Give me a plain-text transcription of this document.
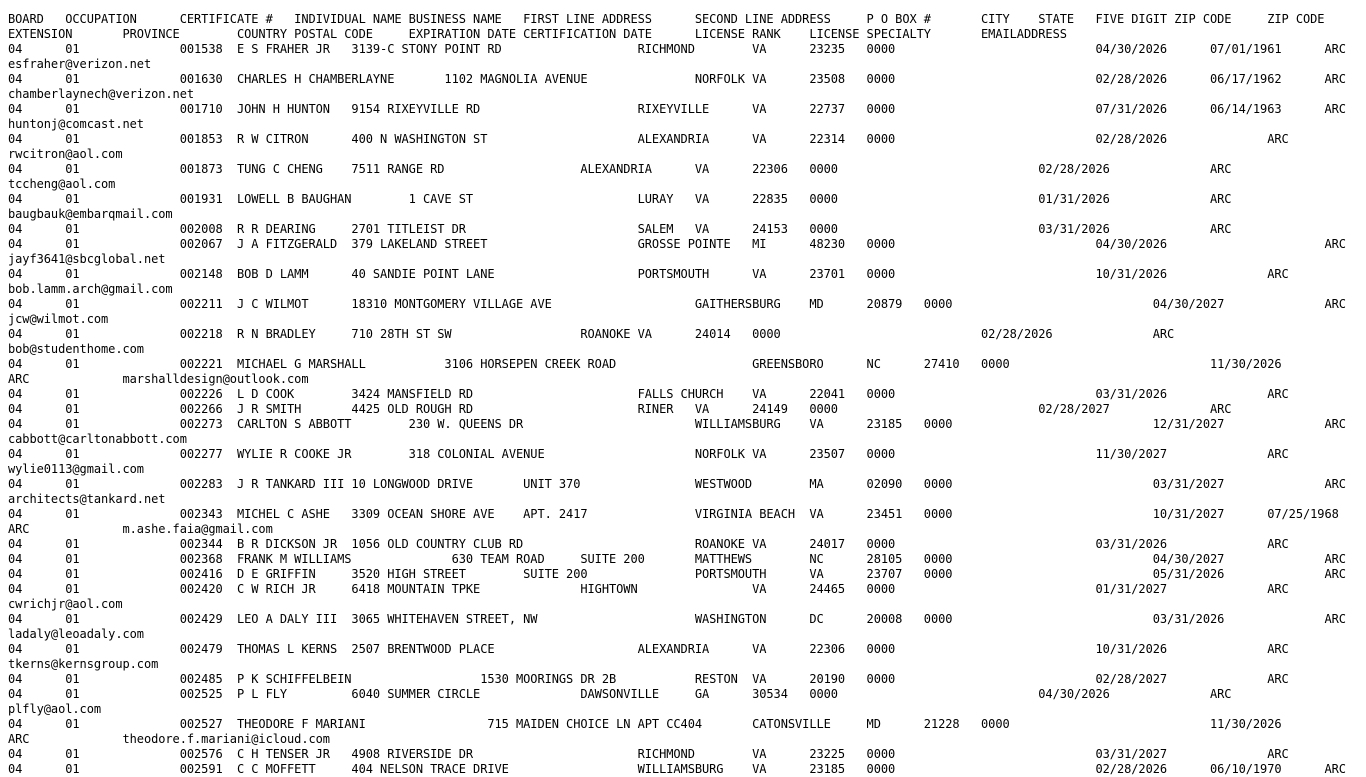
BOARD   OCCUPATION      CERTIFICATE #   INDIVIDUAL NAME BUSINESS NAME   FIRST LINE ADDRESS      SECOND LINE ADDRESS     P O BOX #       CITY    STATE   FIVE DIGIT ZIP CODE     ZIP CODE
EXTENSION       PROVINCE        COUNTRY POSTAL CODE     EXPIRATION DATE CERTIFICATION DATE      LICENSE RANK    LICENSE SPECIALTY       EMAILADDRESS
04      01              001538  E S FRAHER JR   3139-C STONY POINT RD                   RICHMOND        VA      23235   0000                            04/30/2026      07/01/1961      ARC
esfraher@verizon.net
04      01              001630  CHARLES H CHAMBERLAYNE       1102 MAGNOLIA AVENUE               NORFOLK VA      23508   0000                            02/28/2026      06/17/1962      ARC
chamberlaynech@verizon.net
04      01              001710  JOHN H HUNTON   9154 RIXEYVILLE RD                      RIXEYVILLE      VA      22737   0000                            07/31/2026      06/14/1963      ARC
huntonj@comcast.net
04      01              001853  R W CITRON      400 N WASHINGTON ST                     ALEXANDRIA      VA      22314   0000                            02/28/2026              ARC
rwcitron@aol.com
04      01              001873  TUNG C CHENG    7511 RANGE RD                   ALEXANDRIA      VA      22306   0000                            02/28/2026              ARC
tccheng@aol.com
04      01              001931  LOWELL B BAUGHAN        1 CAVE ST                       LURAY   VA      22835   0000                            01/31/2026              ARC
baugbauk@embarqmail.com
04      01              002008  R R DEARING     2701 TITLEIST DR                        SALEM   VA      24153   0000                            03/31/2026              ARC
04      01              002067  J A FITZGERALD  379 LAKELAND STREET                     GROSSE POINTE   MI      48230   0000                            04/30/2026                      ARC
jayf3641@sbcglobal.net
04      01              002148  BOB D LAMM      40 SANDIE POINT LANE                    PORTSMOUTH      VA      23701   0000                            10/31/2026              ARC
bob.lamm.arch@gmail.com
04      01              002211  J C WILMOT      18310 MONTGOMERY VILLAGE AVE                    GAITHERSBURG    MD      20879   0000                            04/30/2027              ARC
jcw@wilmot.com
04      01              002218  R N BRADLEY     710 28TH ST SW                  ROANOKE VA      24014   0000                            02/28/2026              ARC
bob@studenthome.com
04      01              002221  MICHAEL G MARSHALL           3106 HORSEPEN CREEK ROAD                   GREENSBORO      NC      27410   0000                            11/30/2026
ARC             marshalldesign@outlook.com
04      01              002226  L D COOK        3424 MANSFIELD RD                       FALLS CHURCH    VA      22041   0000                            03/31/2026              ARC
04      01              002266  J R SMITH       4425 OLD ROUGH RD                       RINER   VA      24149   0000                            02/28/2027              ARC
04      01              002273  CARLTON S ABBOTT        230 W. QUEENS DR                        WILLIAMSBURG    VA      23185   0000                            12/31/2027              ARC
cabbott@carltonabbott.com
04      01              002277  WYLIE R COOKE JR        318 COLONIAL AVENUE                     NORFOLK VA      23507   0000                            11/30/2027              ARC
wylie0113@gmail.com
04      01              002283  J R TANKARD III 10 LONGWOOD DRIVE       UNIT 370                WESTWOOD        MA      02090   0000                            03/31/2027              ARC
architects@tankard.net
04      01              002343  MICHEL C ASHE   3309 OCEAN SHORE AVE    APT. 2417               VIRGINIA BEACH  VA      23451   0000                            10/31/2027      07/25/1968
ARC             m.ashe.faia@gmail.com
04      01              002344  B R DICKSON JR  1056 OLD COUNTRY CLUB RD                        ROANOKE VA      24017   0000                            03/31/2026              ARC
04      01              002368  FRANK M WILLIAMS              630 TEAM ROAD     SUITE 200       MATTHEWS        NC      28105   0000                            04/30/2027              ARC
04      01              002416  D E GRIFFIN     3520 HIGH STREET        SUITE 200               PORTSMOUTH      VA      23707   0000                            05/31/2026              ARC
04      01              002420  C W RICH JR     6418 MOUNTAIN TPKE              HIGHTOWN                VA      24465   0000                            01/31/2027              ARC
cwrichjr@aol.com
04      01              002429  LEO A DALY III  3065 WHITEHAVEN STREET, NW                      WASHINGTON      DC      20008   0000                            03/31/2026              ARC
ladaly@leoadaly.com
04      01              002479  THOMAS L KERNS  2507 BRENTWOOD PLACE                    ALEXANDRIA      VA      22306   0000                            10/31/2026              ARC
tkerns@kernsgroup.com
04      01              002485  P K SCHIFFELBEIN                  1530 MOORINGS DR 2B           RESTON  VA      20190   0000                            02/28/2027              ARC
04      01              002525  P L FLY         6040 SUMMER CIRCLE              DAWSONVILLE     GA      30534   0000                            04/30/2026              ARC
plfly@aol.com
04      01              002527  THEODORE F MARIANI                 715 MAIDEN CHOICE LN APT CC404       CATONSVILLE     MD      21228   0000                            11/30/2026
ARC             theodore.f.mariani@icloud.com
04      01              002576  C H TENSER JR   4908 RIVERSIDE DR                       RICHMOND        VA      23225   0000                            03/31/2027              ARC
04      01              002591  C C MOFFETT     404 NELSON TRACE DRIVE                  WILLIAMSBURG    VA      23185   0000                            02/28/2026      06/10/1970      ARC
